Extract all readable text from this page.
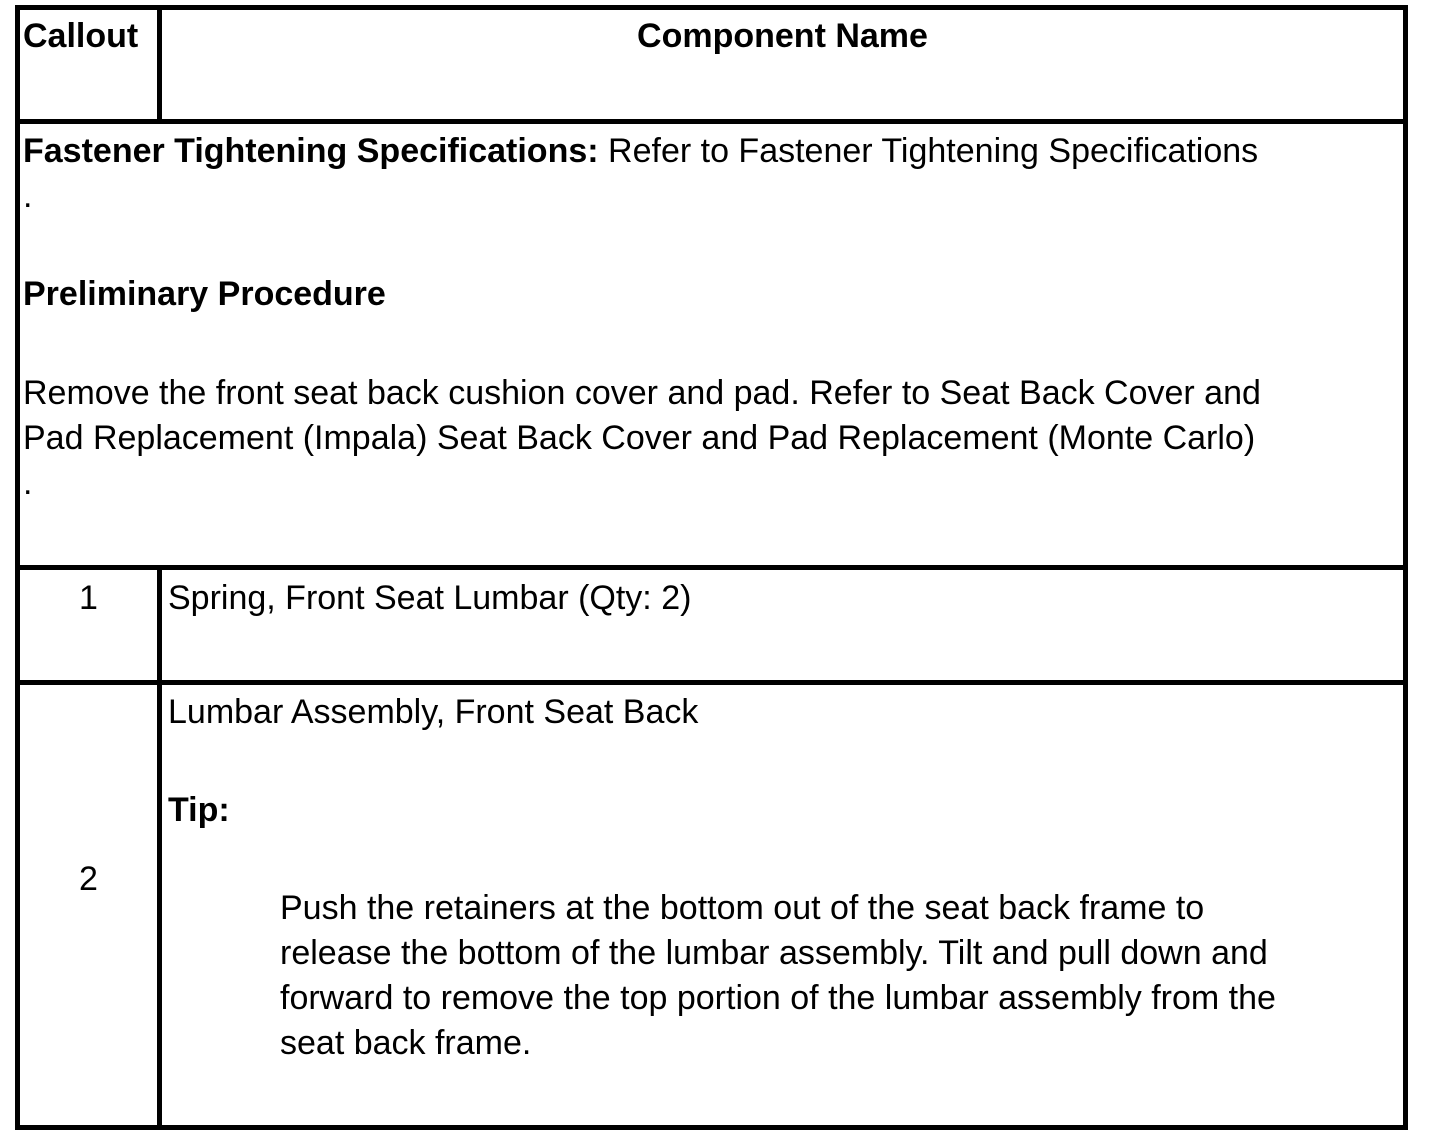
Callout	Component Name
Fastener Tightening Specifications: Refer to Fastener Tightening Specifications
.
Preliminary Procedure
Remove the front seat back cushion cover and pad. Refer to Seat Back Cover and
Pad Replacement (Impala) Seat Back Cover and Pad Replacement (Monte Carlo)
.
1	Spring, Front Seat Lumbar (Qty: 2)
2
Lumbar Assembly, Front Seat Back
Tip:
Push the retainers at the bottom out of the seat back frame to
release the bottom of the lumbar assembly. Tilt and pull down and
forward to remove the top portion of the lumbar assembly from the
seat back frame.
